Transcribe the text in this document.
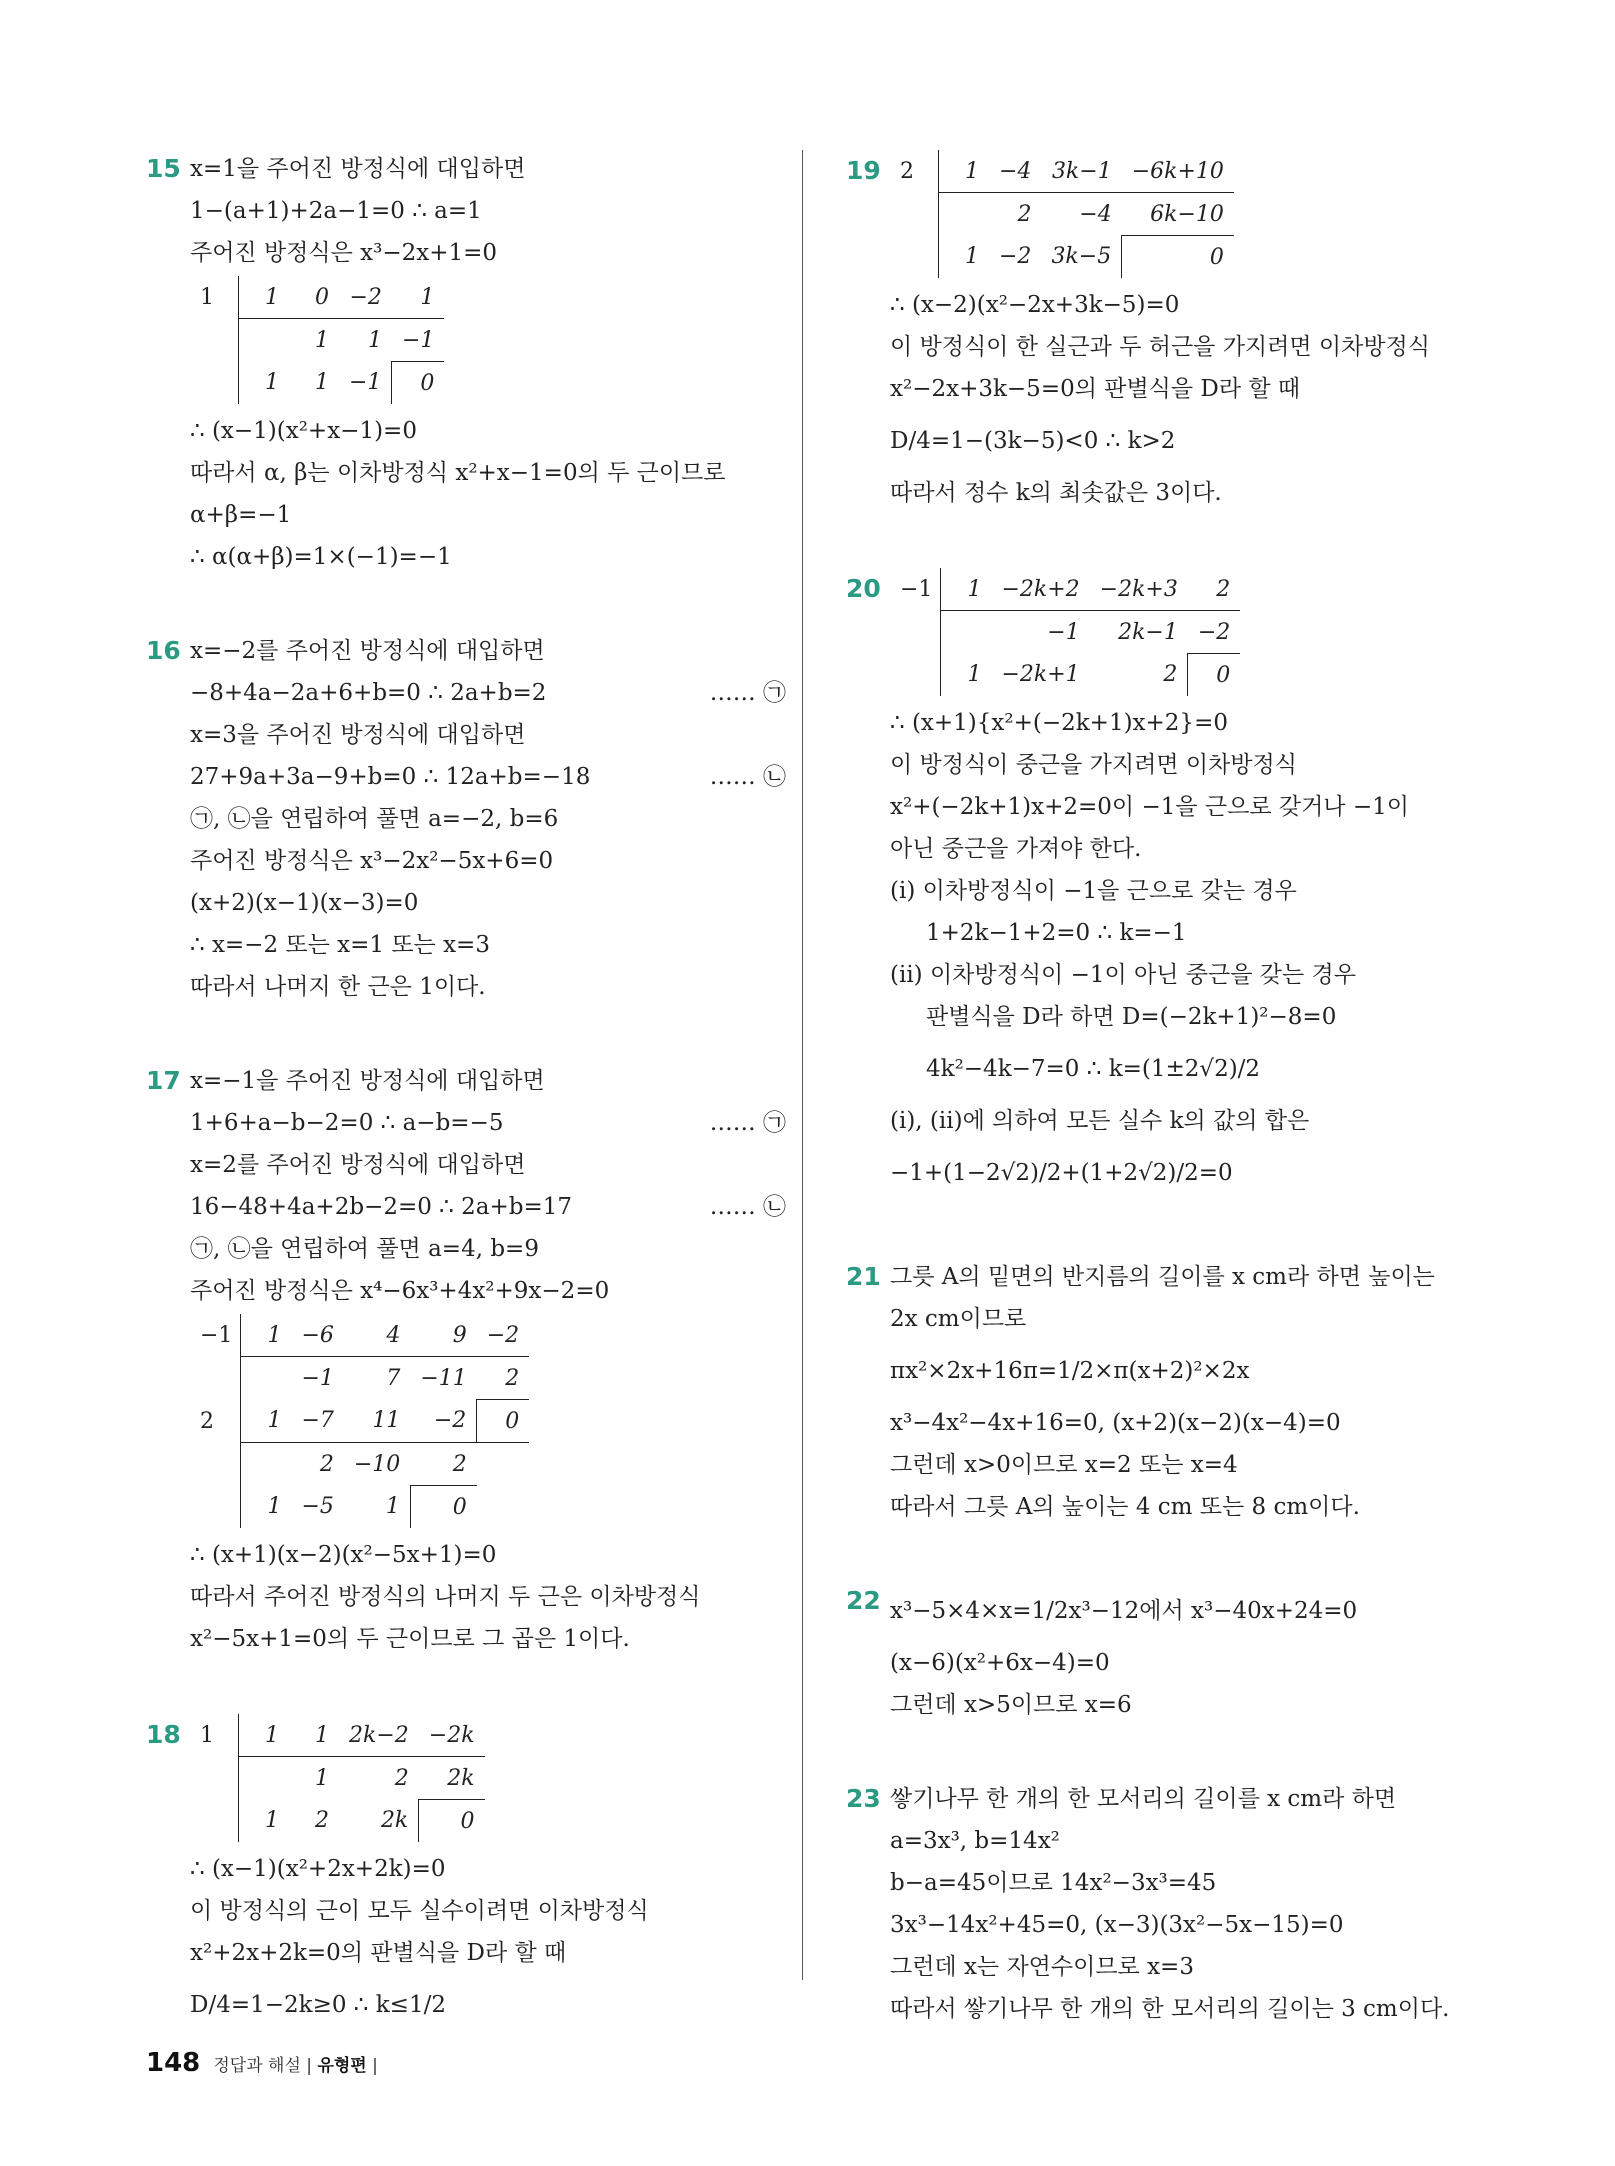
15 x=1을 주어진 방정식에 대입하면
1−(a+1)+2a−1=0 ∴ a=1
주어진 방정식은 x³−2x+1=0
1	1	0	−2	1
		1	1	−1
	1	1	−1	0
∴ (x−1)(x²+x−1)=0
따라서 α, β는 이차방정식 x²+x−1=0의 두 근이므로
α+β=−1
∴ α(α+β)=1×(−1)=−1
16 x=−2를 주어진 방정식에 대입하면
−8+4a−2a+6+b=0 ∴ 2a+b=2	…… ㉠
x=3을 주어진 방정식에 대입하면
27+9a+3a−9+b=0 ∴ 12a+b=−18	…… ㉡
㉠, ㉡을 연립하여 풀면 a=−2, b=6
주어진 방정식은 x³−2x²−5x+6=0
(x+2)(x−1)(x−3)=0
∴ x=−2 또는 x=1 또는 x=3
따라서 나머지 한 근은 1이다.
17 x=−1을 주어진 방정식에 대입하면
1+6+a−b−2=0 ∴ a−b=−5	…… ㉠
x=2를 주어진 방정식에 대입하면
16−48+4a+2b−2=0 ∴ 2a+b=17	…… ㉡
㉠, ㉡을 연립하여 풀면 a=4, b=9
주어진 방정식은 x⁴−6x³+4x²+9x−2=0
−1	1	−6	4	9	−2
		−1	7	−11	2
2	1	−7	11	−2	0
		2	−10	2	
	1	−5	1	0	
∴ (x+1)(x−2)(x²−5x+1)=0
따라서 주어진 방정식의 나머지 두 근은 이차방정식
x²−5x+1=0의 두 근이므로 그 곱은 1이다.
18 1	1	1	2k−2	−2k
		1	2	2k
	1	2	2k	0
∴ (x−1)(x²+2x+2k)=0
이 방정식의 근이 모두 실수이려면 이차방정식
x²+2x+2k=0의 판별식을 D라 할 때
D/4=1−2k≥0 ∴ k≤1/2
19 2	1	−4	3k−1	−6k+10
		2	−4	6k−10
	1	−2	3k−5	0
∴ (x−2)(x²−2x+3k−5)=0
이 방정식이 한 실근과 두 허근을 가지려면 이차방정식
x²−2x+3k−5=0의 판별식을 D라 할 때
D/4=1−(3k−5)<0 ∴ k>2
따라서 정수 k의 최솟값은 3이다.
20 −1	1	−2k+2	−2k+3	2
		−1	2k−1	−2
	1	−2k+1	2	0
∴ (x+1){x²+(−2k+1)x+2}=0
이 방정식이 중근을 가지려면 이차방정식
x²+(−2k+1)x+2=0이 −1을 근으로 갖거나 −1이
아닌 중근을 가져야 한다.
(i) 이차방정식이 −1을 근으로 갖는 경우
1+2k−1+2=0 ∴ k=−1
(ii) 이차방정식이 −1이 아닌 중근을 갖는 경우
판별식을 D라 하면 D=(−2k+1)²−8=0
4k²−4k−7=0 ∴ k=(1±2√2)/2
(i), (ii)에 의하여 모든 실수 k의 값의 합은
−1+(1−2√2)/2+(1+2√2)/2=0
21 그릇 A의 밑면의 반지름의 길이를 x cm라 하면 높이는
2x cm이므로
πx²×2x+16π=1/2×π(x+2)²×2x
x³−4x²−4x+16=0, (x+2)(x−2)(x−4)=0
그런데 x>0이므로 x=2 또는 x=4
따라서 그릇 A의 높이는 4 cm 또는 8 cm이다.
22 x³−5×4×x=1/2x³−12에서 x³−40x+24=0
(x−6)(x²+6x−4)=0
그런데 x>5이므로 x=6
23 쌓기나무 한 개의 한 모서리의 길이를 x cm라 하면
a=3x³, b=14x²
b−a=45이므로 14x²−3x³=45
3x³−14x²+45=0, (x−3)(3x²−5x−15)=0
그런데 x는 자연수이므로 x=3
따라서 쌓기나무 한 개의 한 모서리의 길이는 3 cm이다.
148 정답과 해설 | 유형편 |
